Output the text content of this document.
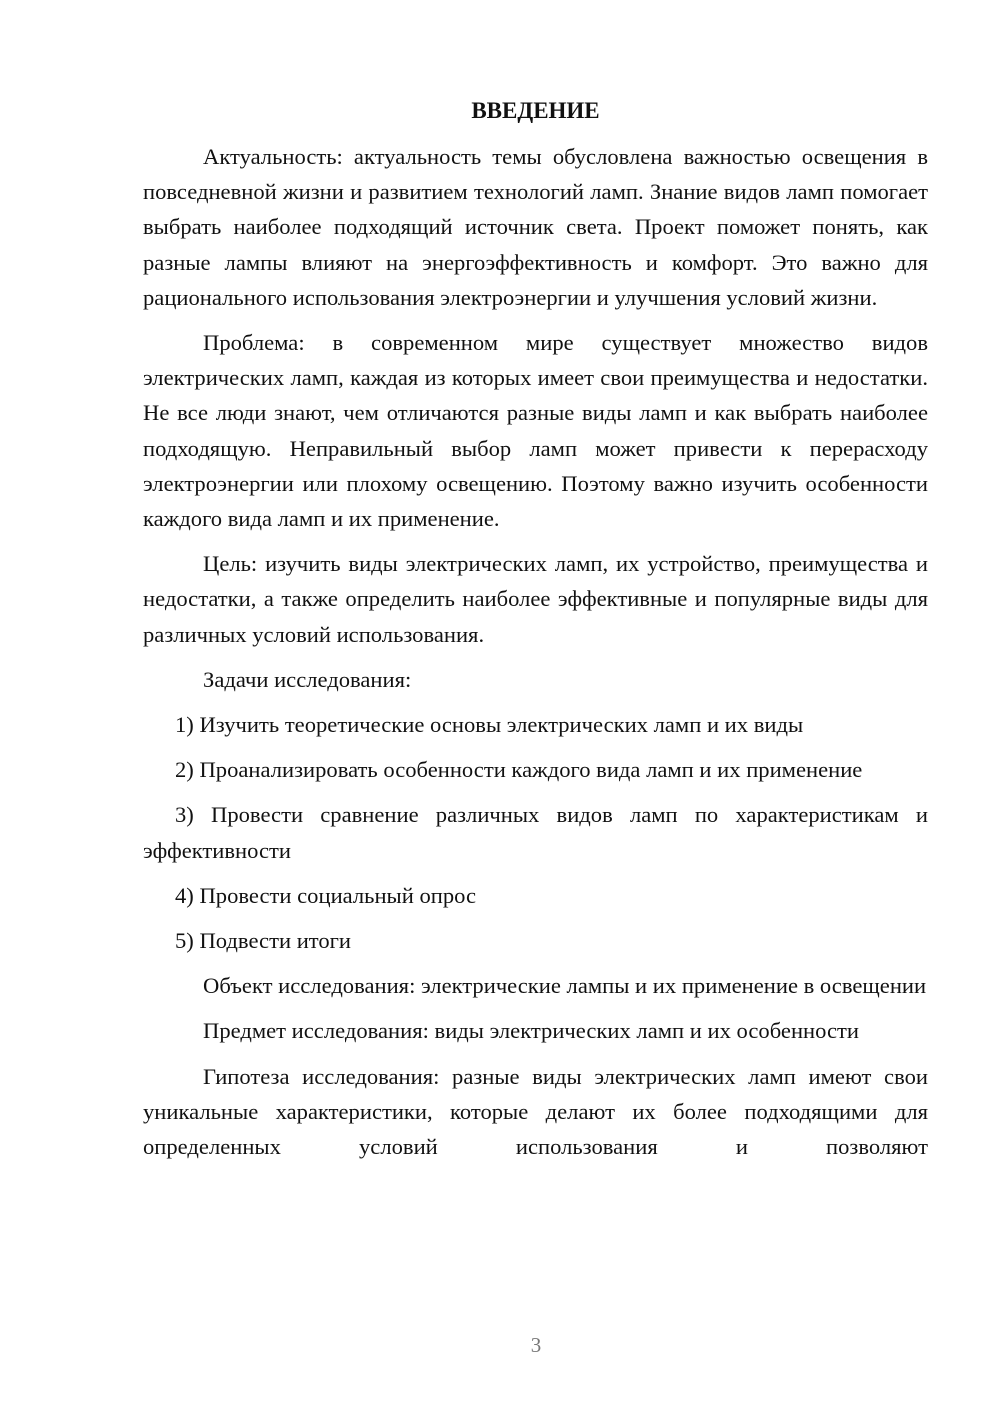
ВВЕДЕНИЕ

Актуальность: актуальность темы обусловлена важностью освещения в повседневной жизни и развитием технологий ламп. Знание видов ламп помогает выбрать наиболее подходящий источник света. Проект поможет понять, как разные лампы влияют на энергоэффективность и комфорт. Это важно для рационального использования электроэнергии и улучшения условий жизни.

Проблема: в современном мире существует множество видов электрических ламп, каждая из которых имеет свои преимущества и недостатки. Не все люди знают, чем отличаются разные виды ламп и как выбрать наиболее подходящую. Неправильный выбор ламп может привести к перерасходу электроэнергии или плохому освещению. Поэтому важно изучить особенности каждого вида ламп и их применение.

Цель: изучить виды электрических ламп, их устройство, преимущества и недостатки, а также определить наиболее эффективные и популярные виды для различных условий использования.

Задачи исследования:

1) Изучить теоретические основы электрических ламп и их виды

2) Проанализировать особенности каждого вида ламп и их применение

3) Провести сравнение различных видов ламп по характеристикам и эффективности

4) Провести социальный опрос

5) Подвести итоги

Объект исследования: электрические лампы и их применение в освещении

Предмет исследования: виды электрических ламп и их особенности

Гипотеза исследования: разные виды электрических ламп имеют свои уникальные характеристики, которые делают их более подходящими для определенных условий использования и позволяют

3
